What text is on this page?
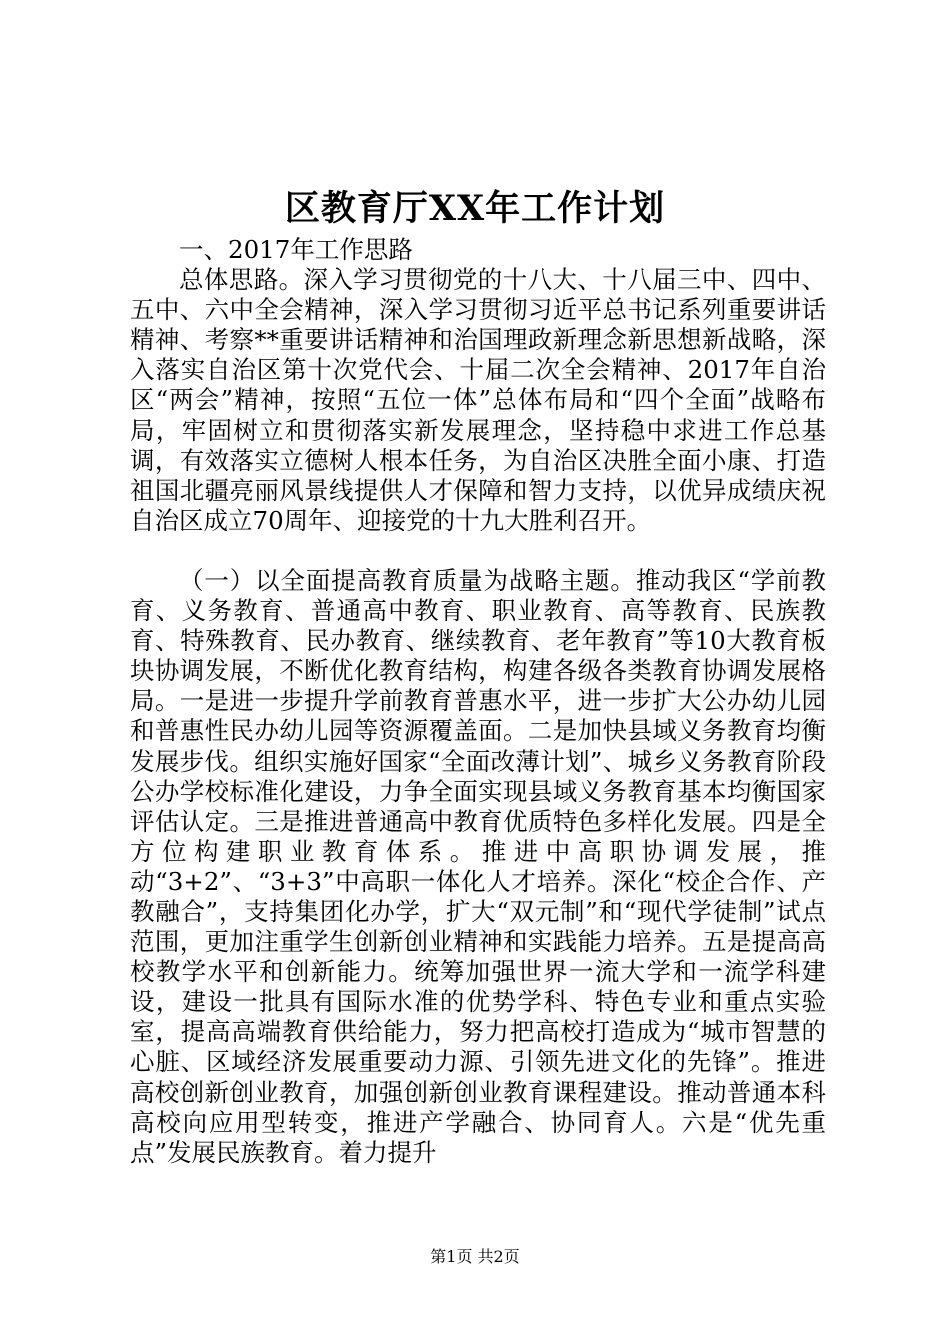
区教育厅XX年工作计划

一、2017年工作思路

总体思路。深入学习贯彻党的十八大、十八届三中、四中、五中、六中全会精神，深入学习贯彻习近平总书记系列重要讲话精神、考察**重要讲话精神和治国理政新理念新思想新战略，深入落实自治区第十次党代会、十届二次全会精神、2017年自治区“两会”精神，按照“五位一体”总体布局和“四个全面”战略布局，牢固树立和贯彻落实新发展理念，坚持稳中求进工作总基调，有效落实立德树人根本任务，为自治区决胜全面小康、打造祖国北疆亮丽风景线提供人才保障和智力支持，以优异成绩庆祝自治区成立70周年、迎接党的十九大胜利召开。

（一）以全面提高教育质量为战略主题。推动我区“学前教育、义务教育、普通高中教育、职业教育、高等教育、民族教育、特殊教育、民办教育、继续教育、老年教育”等10大教育板块协调发展，不断优化教育结构，构建各级各类教育协调发展格局。一是进一步提升学前教育普惠水平，进一步扩大公办幼儿园和普惠性民办幼儿园等资源覆盖面。二是加快县域义务教育均衡发展步伐。组织实施好国家“全面改薄计划”、城乡义务教育阶段公办学校标准化建设，力争全面实现县域义务教育基本均衡国家评估认定。三是推进普通高中教育优质特色多样化发展。四是全方位构建职业教育体系。推进中高职协调发展，推动“3+2”、“3+3”中高职一体化人才培养。深化“校企合作、产教融合”，支持集团化办学，扩大“双元制”和“现代学徒制”试点范围，更加注重学生创新创业精神和实践能力培养。五是提高高校教学水平和创新能力。统筹加强世界一流大学和一流学科建设，建设一批具有国际水准的优势学科、特色专业和重点实验室，提高高端教育供给能力，努力把高校打造成为“城市智慧的心脏、区域经济发展重要动力源、引领先进文化的先锋”。推进高校创新创业教育，加强创新创业教育课程建设。推动普通本科高校向应用型转变，推进产学融合、协同育人。六是“优先重点”发展民族教育。着力提升

第1页 共2页
